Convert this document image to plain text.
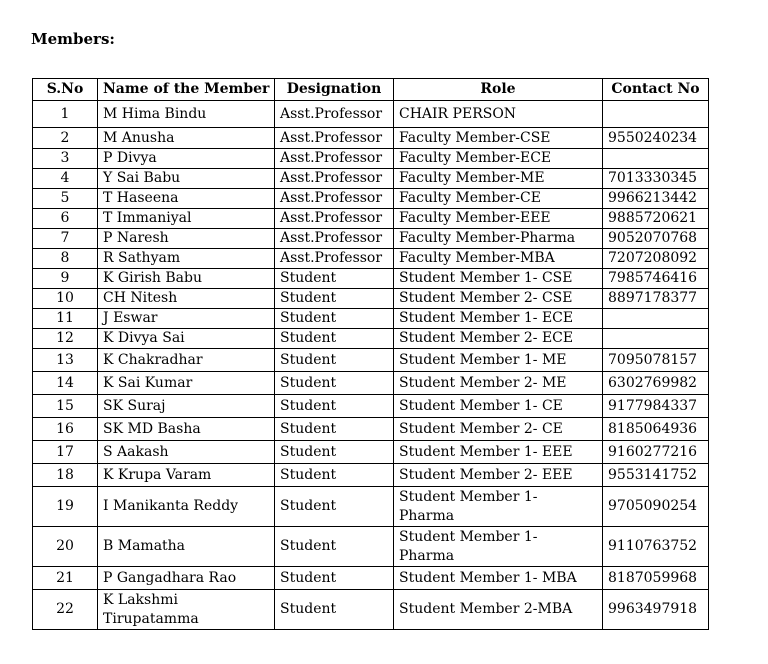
Members:
S.No	Name of the Member	Designation	Role	Contact No
1	M Hima Bindu	Asst.Professor	CHAIR PERSON	
2	M Anusha	Asst.Professor	Faculty Member-CSE	9550240234
3	P Divya	Asst.Professor	Faculty Member-ECE	
4	Y Sai Babu	Asst.Professor	Faculty Member-ME	7013330345
5	T Haseena	Asst.Professor	Faculty Member-CE	9966213442
6	T Immaniyal	Asst.Professor	Faculty Member-EEE	9885720621
7	P Naresh	Asst.Professor	Faculty Member-Pharma	9052070768
8	R Sathyam	Asst.Professor	Faculty Member-MBA	7207208092
9	K Girish Babu	Student	Student Member 1- CSE	7985746416
10	CH Nitesh	Student	Student Member 2- CSE	8897178377
11	J Eswar	Student	Student Member 1- ECE	
12	K Divya Sai	Student	Student Member 2- ECE	
13	K Chakradhar	Student	Student Member 1- ME	7095078157
14	K Sai Kumar	Student	Student Member 2- ME	6302769982
15	SK Suraj	Student	Student Member 1- CE	9177984337
16	SK MD Basha	Student	Student Member 2- CE	8185064936
17	S Aakash	Student	Student Member 1- EEE	9160277216
18	K Krupa Varam	Student	Student Member 2- EEE	9553141752
19	I Manikanta Reddy	Student	Student Member 1- Pharma	9705090254
20	B Mamatha	Student	Student Member 1- Pharma	9110763752
21	P Gangadhara Rao	Student	Student Member 1- MBA	8187059968
22	K Lakshmi Tirupatamma	Student	Student Member 2-MBA	9963497918
